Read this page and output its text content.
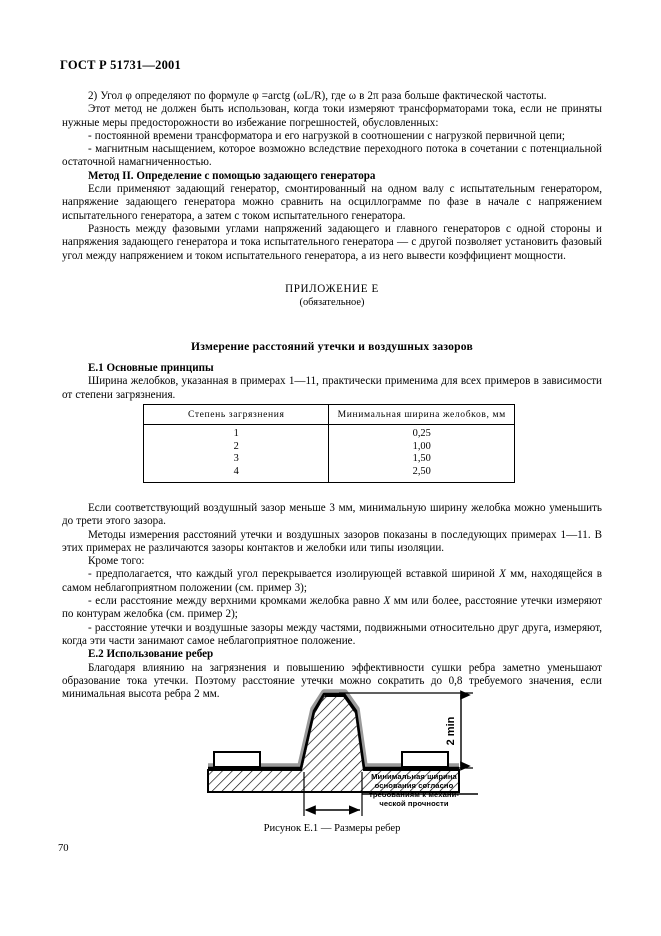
ГОСТ Р 51731—2001

2) Угол φ определяют по формуле φ =arctg (ωL/R), где ω в 2π раза больше фактической частоты.

Этот метод не должен быть использован, когда токи измеряют трансформаторами тока, если не приняты нужные меры предосторожности во избежание погрешностей, обусловленных:

- постоянной времени трансформатора и его нагрузкой в соотношении с нагрузкой первичной цепи;

- магнитным насыщением, которое возможно вследствие переходного потока в сочетании с потенциальной остаточной намагниченностью.

Метод II. Определение с помощью задающего генератора

Если применяют задающий генератор, смонтированный на одном валу с испытательным генератором, напряжение задающего генератора можно сравнить на осциллограмме по фазе в начале с напряжением испытательного генератора, а затем с током испытательного генератора.

Разность между фазовыми углами напряжений задающего и главного генераторов с одной стороны и напряжения задающего генератора и тока испытательного генератора — с другой позволяет установить фазовый угол между напряжением и током испытательного генератора, а из него вывести коэффициент мощности.

ПРИЛОЖЕНИЕ Е
(обязательное)
Измерение расстояний утечки и воздушных зазоров

Е.1 Основные принципы

Ширина желобков, указанная в примерах 1—11, практически применима для всех примеров в зависимости от степени загрязнения.

Степень загрязнения	Минимальная ширина желобков, мм
1	0,25
2	1,00
3	1,50
4	2,50

Если соответствующий воздушный зазор меньше 3 мм, минимальную ширину желобка можно уменьшить до трети этого зазора.

Методы измерения расстояний утечки и воздушных зазоров показаны в последующих примерах 1—11. В этих примерах не различаются зазоры контактов и желобки или типы изоляции.

Кроме того:

- предполагается, что каждый угол перекрывается изолирующей вставкой шириной X мм, находящейся в самом неблагоприятном положении (см. пример 3);

- если расстояние между верхними кромками желобка равно X мм или более, расстояние утечки измеряют по контурам желобка (см. пример 2);

- расстояние утечки и воздушные зазоры между частями, подвижными относительно друг друга, измеряют, когда эти части занимают самое неблагоприятное положение.

Е.2 Использование ребер

Благодаря влиянию на загрязнения и повышению эффективности сушки ребра заметно уменьшают образование тока утечки. Поэтому расстояние утечки можно сократить до 0,8 требуемого значения, если минимальная высота ребра 2 мм.

2 min
Минимальная ширина
основания согласно
требованиям к механи-
ческой прочности
Рисунок Е.1 — Размеры ребер
70
